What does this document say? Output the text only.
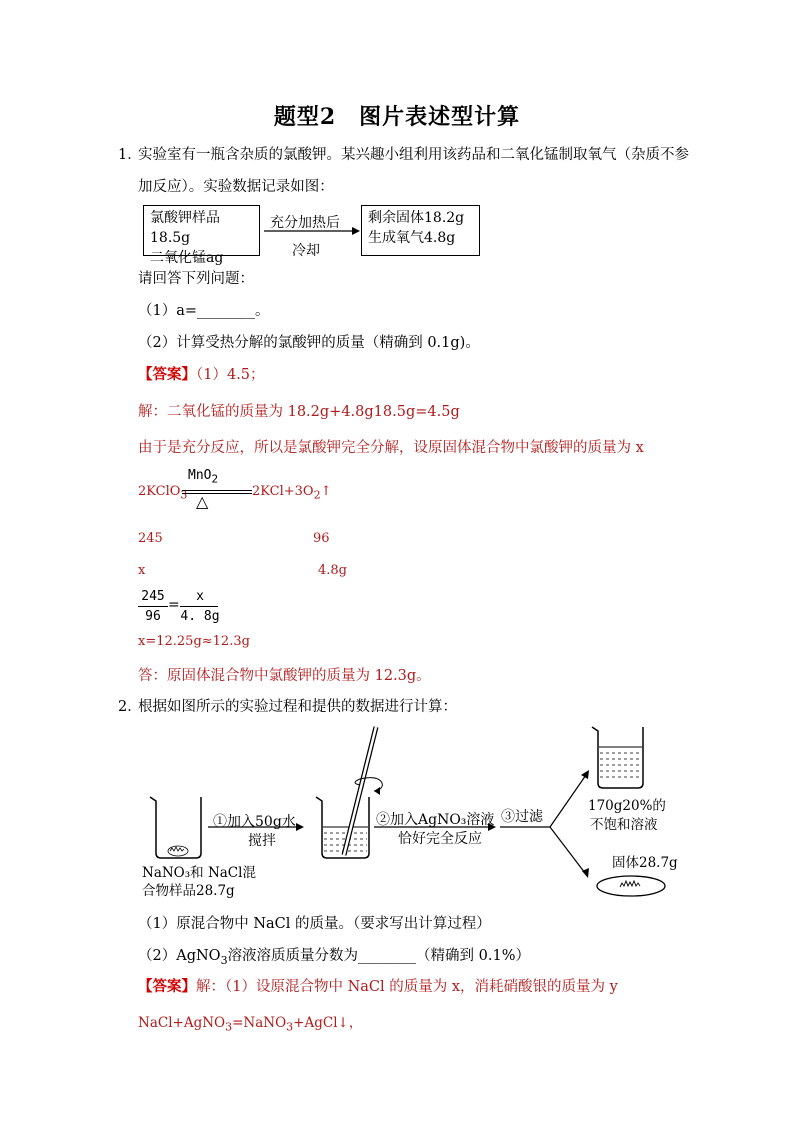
题型2　图片表述型计算
1．
实验室有一瓶含杂质的氯酸钾。某兴趣小组利用该药品和二氧化锰制取氧气（杂质不参
加反应）。实验数据记录如图：
氯酸钾样品18.5g
二氧化锰ag
充分加热后
冷却
剩余固体18.2g
生成氧气4.8g
请回答下列问题：
（1）a=________。
（2）计算受热分解的氯酸钾的质量（精确到 0.1g)。
【答案】（1）4.5；
解：二氧化锰的质量为 18.2g+4.8g18.5g=4.5g
由于是充分反应，所以是氯酸钾完全分解，设原固体混合物中氯酸钾的质量为 x
2KClO$_3$
MnO$_2$
△
$2KCl+3O_2↑$
245	96
x	4.8g
245
96
=
x
4. 8g
x=12.25g≈12.3g
答：原固体混合物中氯酸钾的质量为 12.3g。
2．
根据如图所示的实验过程和提供的数据进行计算：
①加入50g水
搅拌
②加入AgNO₃溶液
恰好完全反应
③过滤
NaNO₃和 NaCl混
合物样品28.7g
170g20%的
不饱和溶液
固体28.7g
（1）原混合物中 NaCl 的质量。（要求写出计算过程）
（2）AgNO$_3$溶液溶质质量分数为________（精确到 0.1%）
【答案】解：（1）设原混合物中 NaCl 的质量为 x，消耗硝酸银的质量为 y
NaCl+AgNO$_3$=NaNO$_3$+AgCl↓，
